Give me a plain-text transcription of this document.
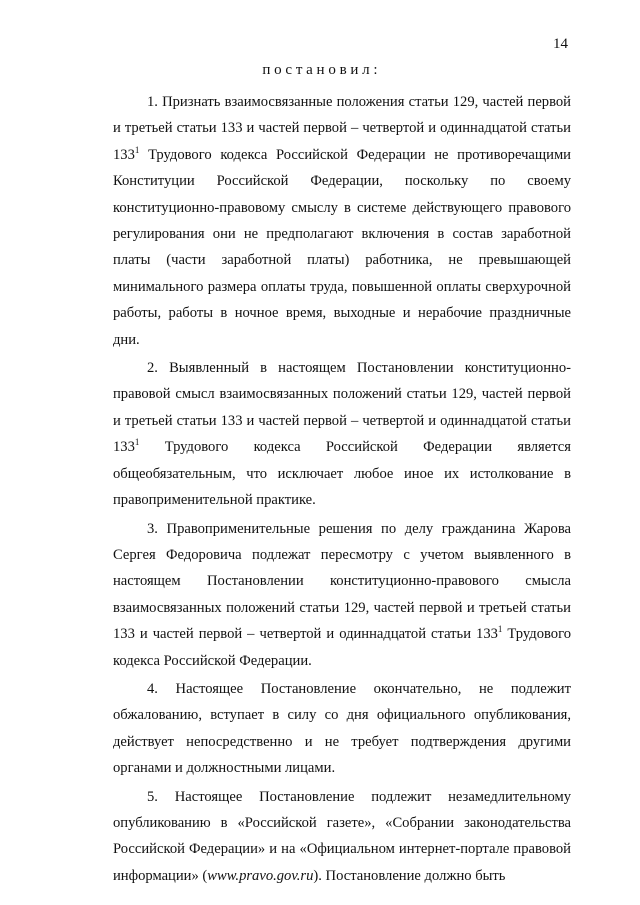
14
п о с т а н о в и л :

1. Признать взаимосвязанные положения статьи 129, частей первой и третьей статьи 133 и частей первой – четвертой и одиннадцатой статьи $133^1$ Трудового кодекса Российской Федерации не противоречащими Конституции Российской Федерации, поскольку по своему конституционно-правовому смыслу в системе действующего правового регулирования они не предполагают включения в состав заработной платы (части заработной платы) работника, не превышающей минимального размера оплаты труда, повышенной оплаты сверхурочной работы, работы в ночное время, выходные и нерабочие праздничные дни.

2. Выявленный в настоящем Постановлении конституционно-правовой смысл взаимосвязанных положений статьи 129, частей первой и третьей статьи 133 и частей первой – четвертой и одиннадцатой статьи $133^1$ Трудового кодекса Российской Федерации является общеобязательным, что исключает любое иное их истолкование в правоприменительной практике.

3. Правоприменительные решения по делу гражданина Жарова Сергея Федоровича подлежат пересмотру с учетом выявленного в настоящем Постановлении конституционно-правового смысла взаимосвязанных положений статьи 129, частей первой и третьей статьи 133 и частей первой – четвертой и одиннадцатой статьи $133^1$ Трудового кодекса Российской Федерации.

4. Настоящее Постановление окончательно, не подлежит обжалованию, вступает в силу со дня официального опубликования, действует непосредственно и не требует подтверждения другими органами и должностными лицами.

5. Настоящее Постановление подлежит незамедлительному опубликованию в «Российской газете», «Собрании законодательства Российской Федерации» и на «Официальном интернет-портале правовой информации» (www.pravo.gov.ru). Постановление должно быть
